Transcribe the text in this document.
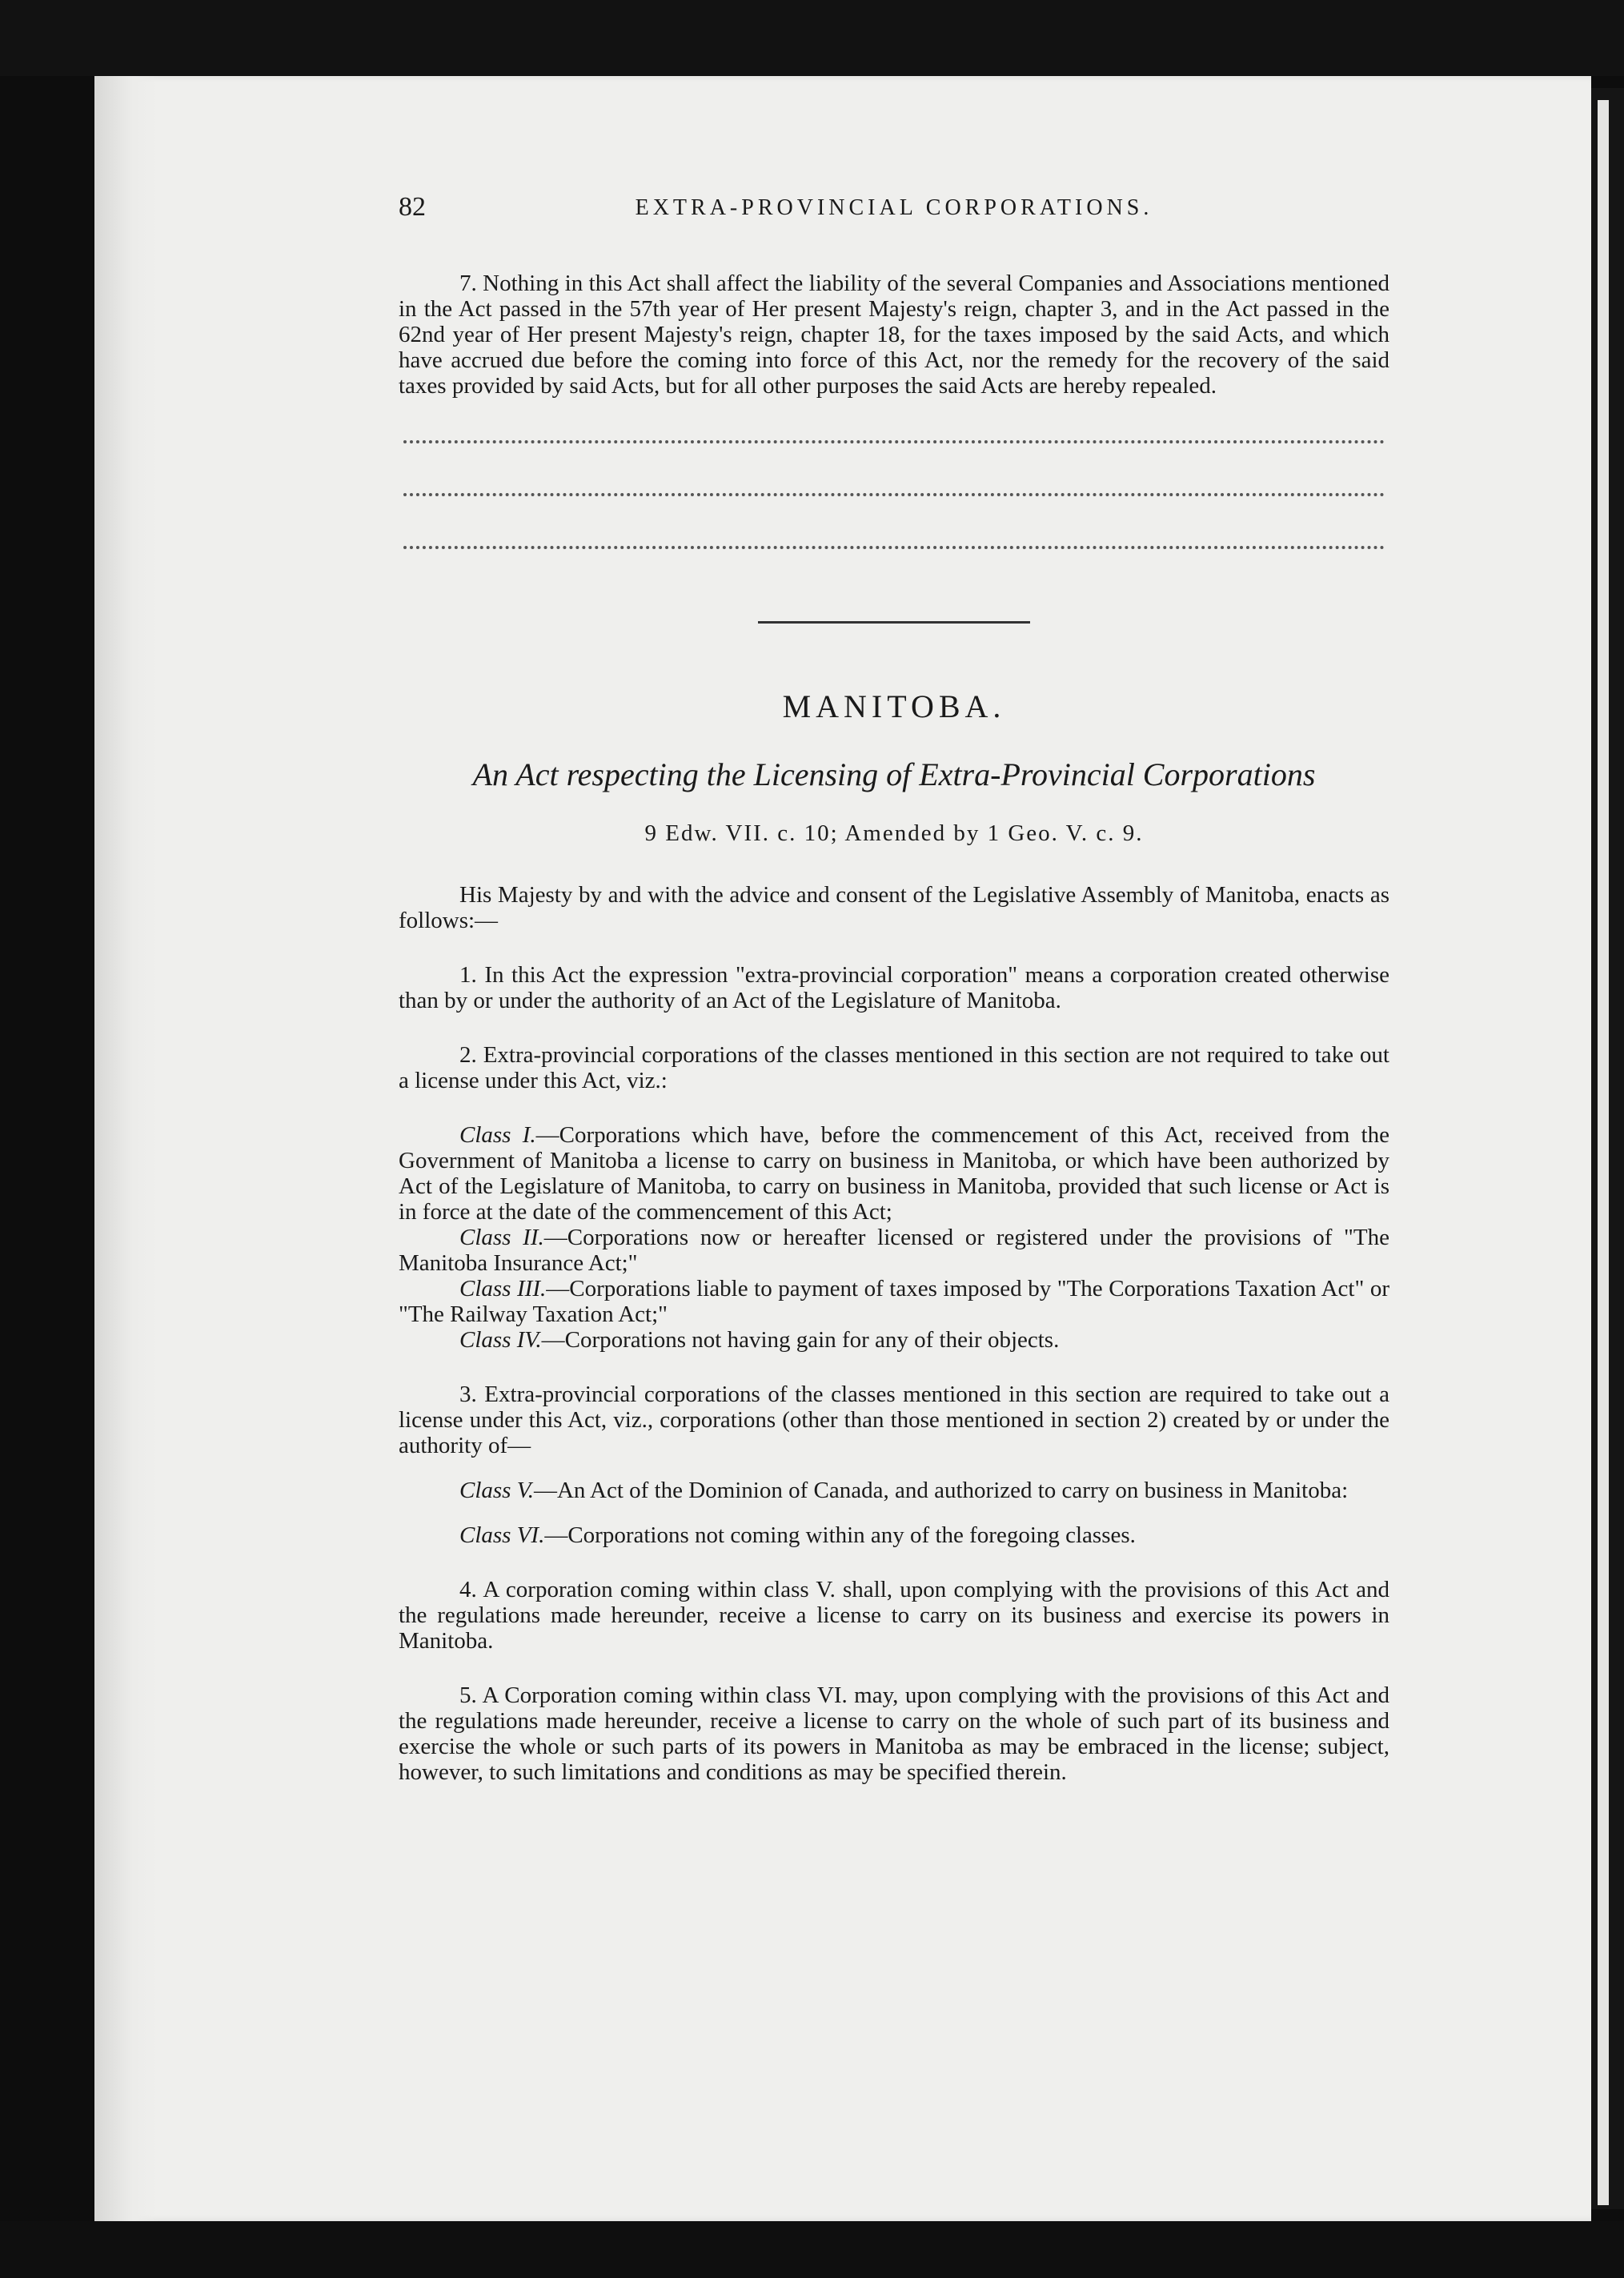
82	EXTRA-PROVINCIAL CORPORATIONS.

7. Nothing in this Act shall affect the liability of the several Companies and Associations mentioned in the Act passed in the 57th year of Her present Majesty's reign, chapter 3, and in the Act passed in the 62nd year of Her present Majesty's reign, chapter 18, for the taxes imposed by the said Acts, and which have accrued due before the coming into force of this Act, nor the remedy for the recovery of the said taxes provided by said Acts, but for all other purposes the said Acts are hereby repealed.

MANITOBA.
An Act respecting the Licensing of Extra-Provincial Corporations
9 Edw. VII. c. 10; Amended by 1 Geo. V. c. 9.

His Majesty by and with the advice and consent of the Legislative Assembly of Manitoba, enacts as follows:—

1. In this Act the expression "extra-provincial corporation" means a corporation created otherwise than by or under the authority of an Act of the Legislature of Manitoba.

2. Extra-provincial corporations of the classes mentioned in this section are not required to take out a license under this Act, viz.:

Class I.—Corporations which have, before the commencement of this Act, received from the Government of Manitoba a license to carry on business in Manitoba, or which have been authorized by Act of the Legislature of Manitoba, to carry on business in Manitoba, provided that such license or Act is in force at the date of the commencement of this Act;

Class II.—Corporations now or hereafter licensed or registered under the provisions of "The Manitoba Insurance Act;"

Class III.—Corporations liable to payment of taxes imposed by "The Corporations Taxation Act" or "The Railway Taxation Act;"

Class IV.—Corporations not having gain for any of their objects.

3. Extra-provincial corporations of the classes mentioned in this section are required to take out a license under this Act, viz., corporations (other than those mentioned in section 2) created by or under the authority of—

Class V.—An Act of the Dominion of Canada, and authorized to carry on business in Manitoba:

Class VI.—Corporations not coming within any of the foregoing classes.

4. A corporation coming within class V. shall, upon complying with the provisions of this Act and the regulations made hereunder, receive a license to carry on its business and exercise its powers in Manitoba.

5. A Corporation coming within class VI. may, upon complying with the provisions of this Act and the regulations made hereunder, receive a license to carry on the whole of such part of its business and exercise the whole or such parts of its powers in Manitoba as may be embraced in the license; subject, however, to such limitations and conditions as may be specified therein.
